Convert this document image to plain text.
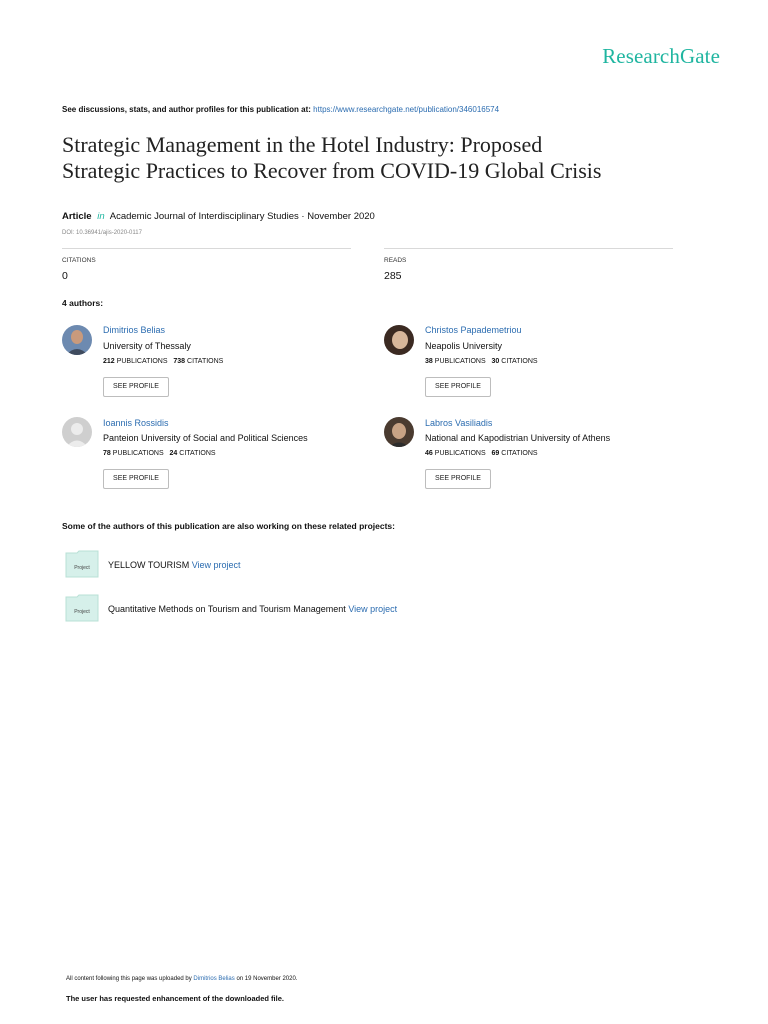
ResearchGate
See discussions, stats, and author profiles for this publication at: https://www.researchgate.net/publication/346016574
Strategic Management in the Hotel Industry: Proposed
Strategic Practices to Recover from COVID-19 Global Crisis
Article in Academic Journal of Interdisciplinary Studies · November 2020
DOI: 10.36941/ajis-2020-0117
CITATIONS
0
READS
285
4 authors:
Dimitrios Belias
University of Thessaly
212 PUBLICATIONS 738 CITATIONS
SEE PROFILE
Christos Papademetriou
Neapolis University
38 PUBLICATIONS 30 CITATIONS
SEE PROFILE
Ioannis Rossidis
Panteion University of Social and Political Sciences
78 PUBLICATIONS 24 CITATIONS
SEE PROFILE
Labros Vasiliadis
National and Kapodistrian University of Athens
46 PUBLICATIONS 69 CITATIONS
SEE PROFILE
Some of the authors of this publication are also working on these related projects:
Project YELLOW TOURISM View project
Project Quantitative Methods on Tourism and Tourism Management View project
All content following this page was uploaded by Dimitrios Belias on 19 November 2020.
The user has requested enhancement of the downloaded file.
